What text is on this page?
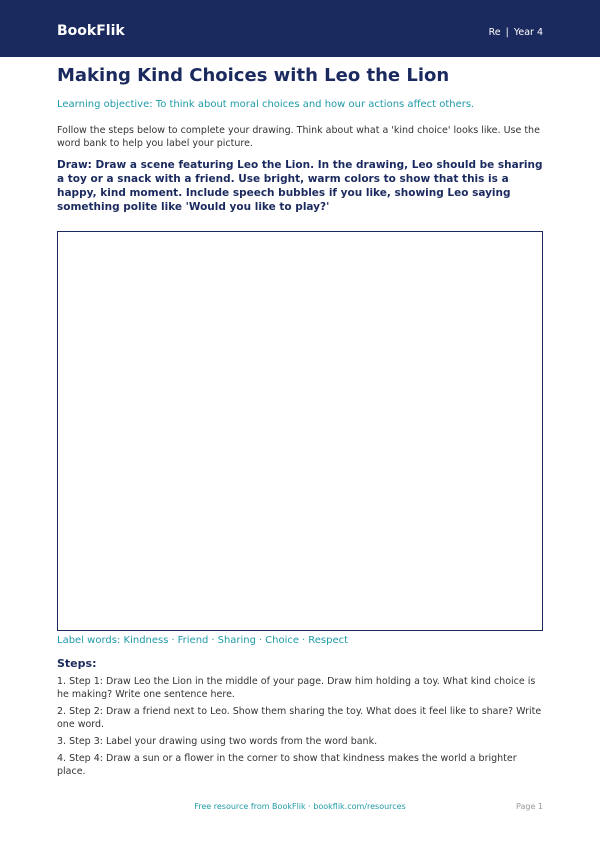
BookFlik	Re | Year 4
Making Kind Choices with Leo the Lion
Learning objective: To think about moral choices and how our actions affect others.
Follow the steps below to complete your drawing. Think about what a 'kind choice' looks like. Use the word bank to help you label your picture.
Draw: Draw a scene featuring Leo the Lion. In the drawing, Leo should be sharing a toy or a snack with a friend. Use bright, warm colors to show that this is a happy, kind moment. Include speech bubbles if you like, showing Leo saying something polite like 'Would you like to play?'
Label words: Kindness · Friend · Sharing · Choice · Respect
Steps:
1. Step 1: Draw Leo the Lion in the middle of your page. Draw him holding a toy. What kind choice is he making? Write one sentence here.
2. Step 2: Draw a friend next to Leo. Show them sharing the toy. What does it feel like to share? Write one word.
3. Step 3: Label your drawing using two words from the word bank.
4. Step 4: Draw a sun or a flower in the corner to show that kindness makes the world a brighter place.
Free resource from BookFlik · bookflik.com/resources	Page 1
